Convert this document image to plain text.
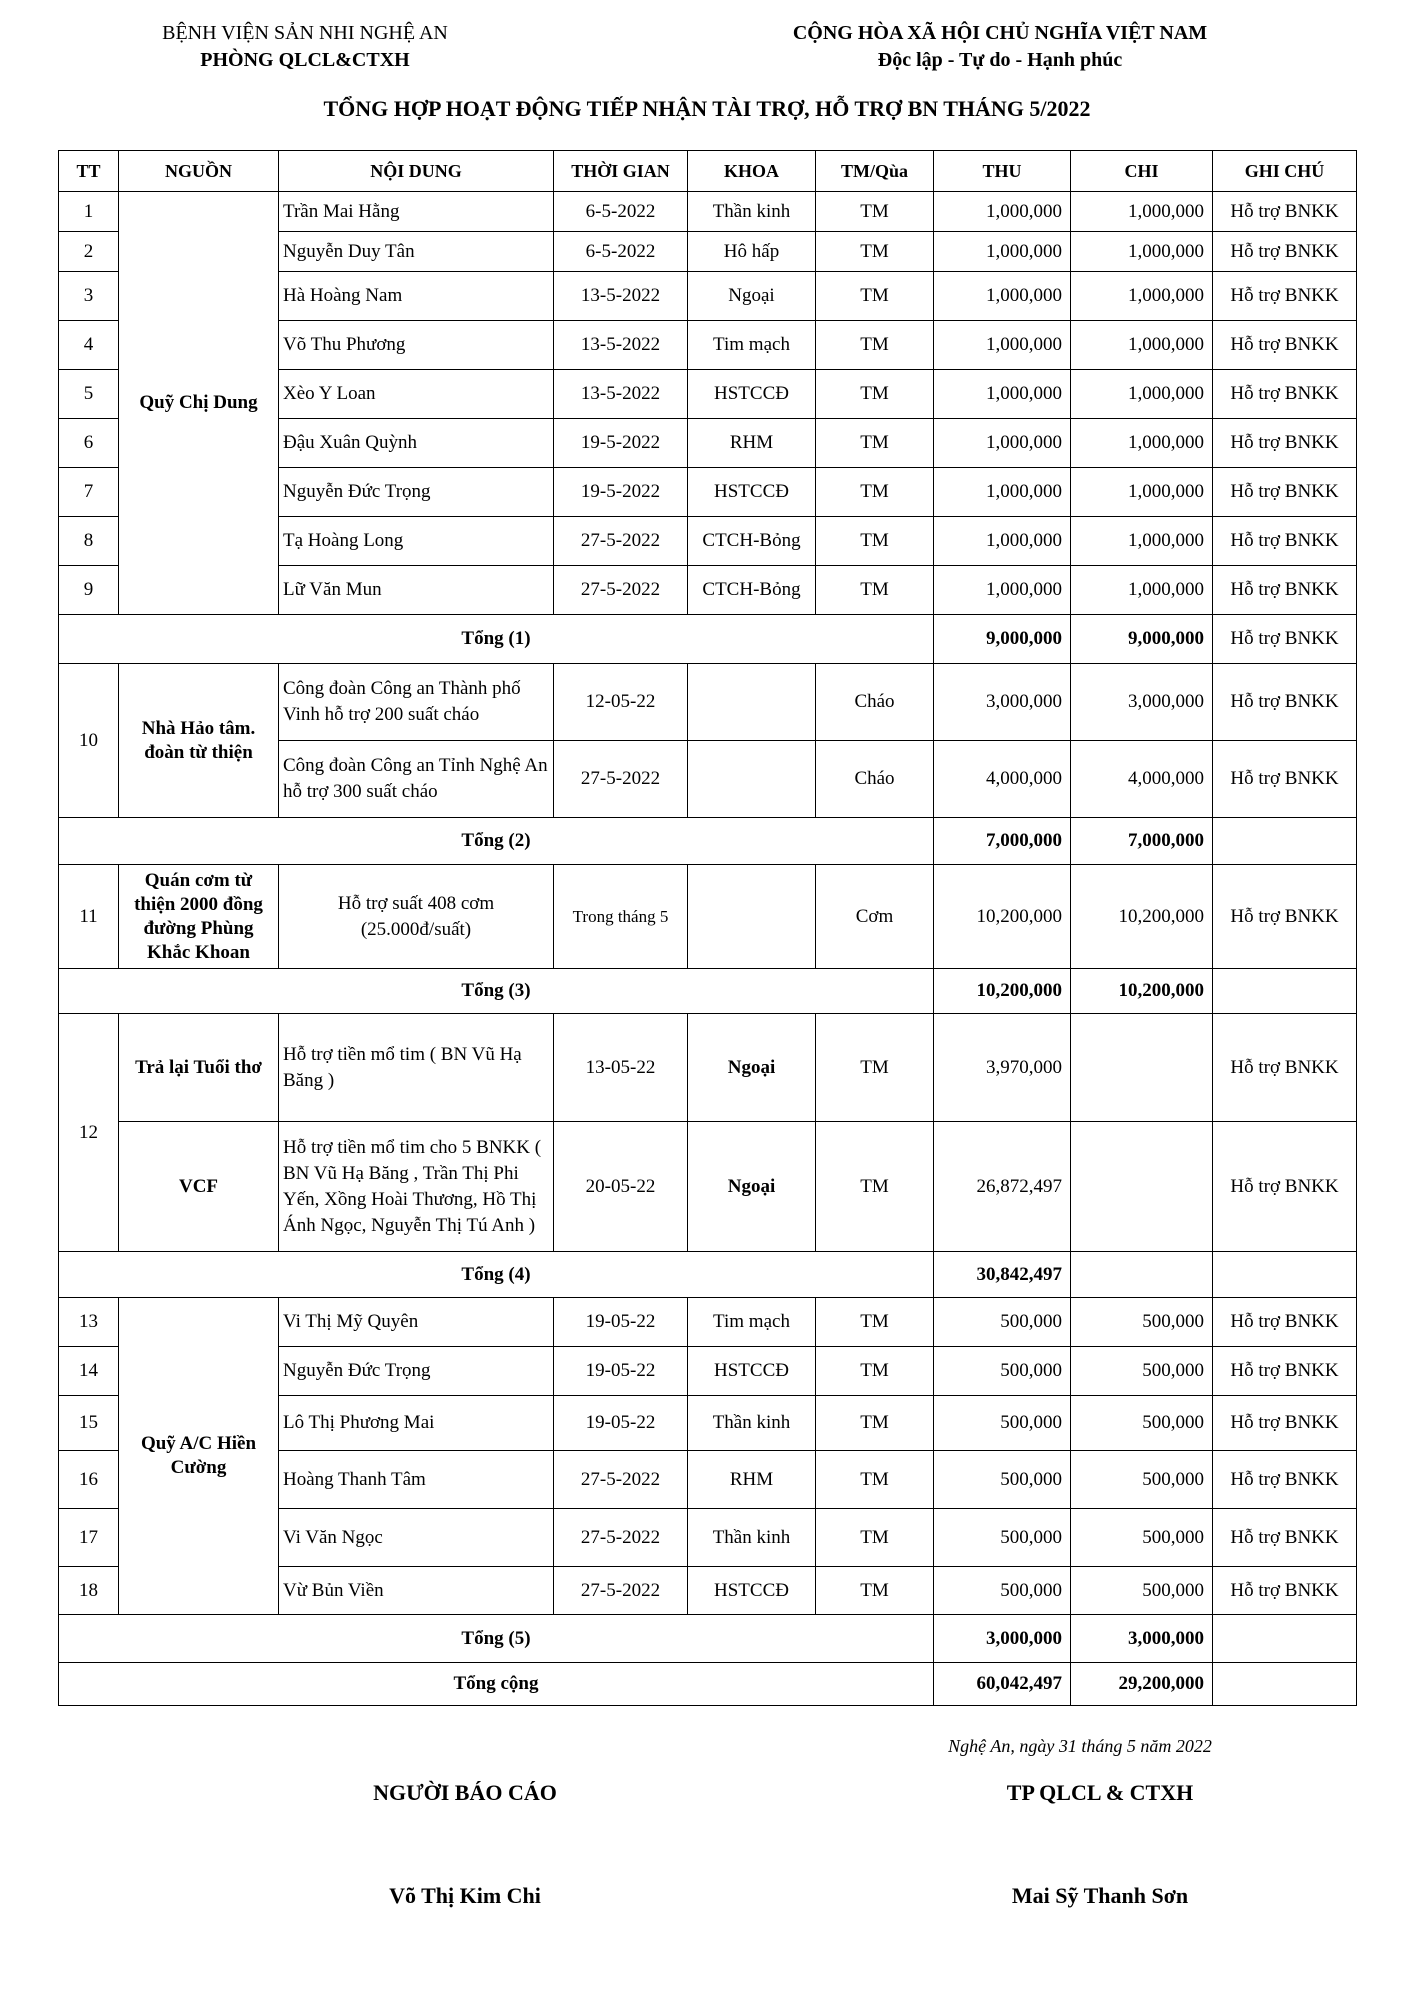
BỆNH VIỆN SẢN NHI NGHỆ AN
PHÒNG QLCL&CTXH
CỘNG HÒA XÃ HỘI CHỦ NGHĨA VIỆT NAM
Độc lập - Tự do - Hạnh phúc
TỔNG HỢP HOẠT ĐỘNG TIẾP NHẬN TÀI TRỢ, HỖ TRỢ BN THÁNG 5/2022
TT	NGUỒN	NỘI DUNG	THỜI GIAN	KHOA	TM/Qùa	THU	CHI	GHI CHÚ
1	Quỹ Chị Dung	Trần Mai Hằng	6-5-2022	Thần kinh	TM	1,000,000	1,000,000	Hỗ trợ BNKK
2		Nguyễn Duy Tân	6-5-2022	Hô hấp	TM	1,000,000	1,000,000	Hỗ trợ BNKK
3		Hà Hoàng Nam	13-5-2022	Ngoại	TM	1,000,000	1,000,000	Hỗ trợ BNKK
4		Võ Thu Phương	13-5-2022	Tim mạch	TM	1,000,000	1,000,000	Hỗ trợ BNKK
5		Xèo Y Loan	13-5-2022	HSTCCĐ	TM	1,000,000	1,000,000	Hỗ trợ BNKK
6		Đậu Xuân Quỳnh	19-5-2022	RHM	TM	1,000,000	1,000,000	Hỗ trợ BNKK
7		Nguyễn Đức Trọng	19-5-2022	HSTCCĐ	TM	1,000,000	1,000,000	Hỗ trợ BNKK
8		Tạ Hoàng Long	27-5-2022	CTCH-Bỏng	TM	1,000,000	1,000,000	Hỗ trợ BNKK
9		Lữ Văn Mun	27-5-2022	CTCH-Bỏng	TM	1,000,000	1,000,000	Hỗ trợ BNKK
Tổng (1)						9,000,000	9,000,000	Hỗ trợ BNKK
10	Nhà Hảo tâm. đoàn từ thiện	Công đoàn Công an Thành phố Vinh hỗ trợ 200 suất cháo	12-05-22		Cháo	3,000,000	3,000,000	Hỗ trợ BNKK
		Công đoàn Công an Tỉnh Nghệ An hỗ trợ 300 suất cháo	27-5-2022		Cháo	4,000,000	4,000,000	Hỗ trợ BNKK
Tổng (2)						7,000,000	7,000,000	
11	Quán cơm từ thiện 2000 đồng đường Phùng Khắc Khoan	Hỗ trợ suất 408 cơm (25.000đ/suất)	Trong tháng 5		Cơm	10,200,000	10,200,000	Hỗ trợ BNKK
Tổng (3)						10,200,000	10,200,000	
12	Trả lại Tuổi thơ	Hỗ trợ tiền mổ tim ( BN Vũ Hạ Băng )	13-05-22	Ngoại	TM	3,970,000		Hỗ trợ BNKK
	VCF	Hỗ trợ tiền mổ tim cho 5 BNKK ( BN Vũ Hạ Băng , Trần Thị Phi Yến, Xồng Hoài Thương, Hồ Thị Ánh Ngọc, Nguyễn Thị Tú Anh )	20-05-22	Ngoại	TM	26,872,497		Hỗ trợ BNKK
Tổng (4)						30,842,497		
13	Quỹ A/C Hiền Cường	Vi Thị Mỹ Quyên	19-05-22	Tim mạch	TM	500,000	500,000	Hỗ trợ BNKK
14		Nguyễn Đức Trọng	19-05-22	HSTCCĐ	TM	500,000	500,000	Hỗ trợ BNKK
15		Lô Thị Phương Mai	19-05-22	Thần kinh	TM	500,000	500,000	Hỗ trợ BNKK
16		Hoàng Thanh Tâm	27-5-2022	RHM	TM	500,000	500,000	Hỗ trợ BNKK
17		Vi Văn Ngọc	27-5-2022	Thần kinh	TM	500,000	500,000	Hỗ trợ BNKK
18		Vừ Bủn Viền	27-5-2022	HSTCCĐ	TM	500,000	500,000	Hỗ trợ BNKK
Tổng (5)						3,000,000	3,000,000	
Tổng cộng						60,042,497	29,200,000	
Nghệ An, ngày 31 tháng 5 năm 2022
NGƯỜI BÁO CÁO	TP QLCL & CTXH
Võ Thị Kim Chi	Mai Sỹ Thanh Sơn
